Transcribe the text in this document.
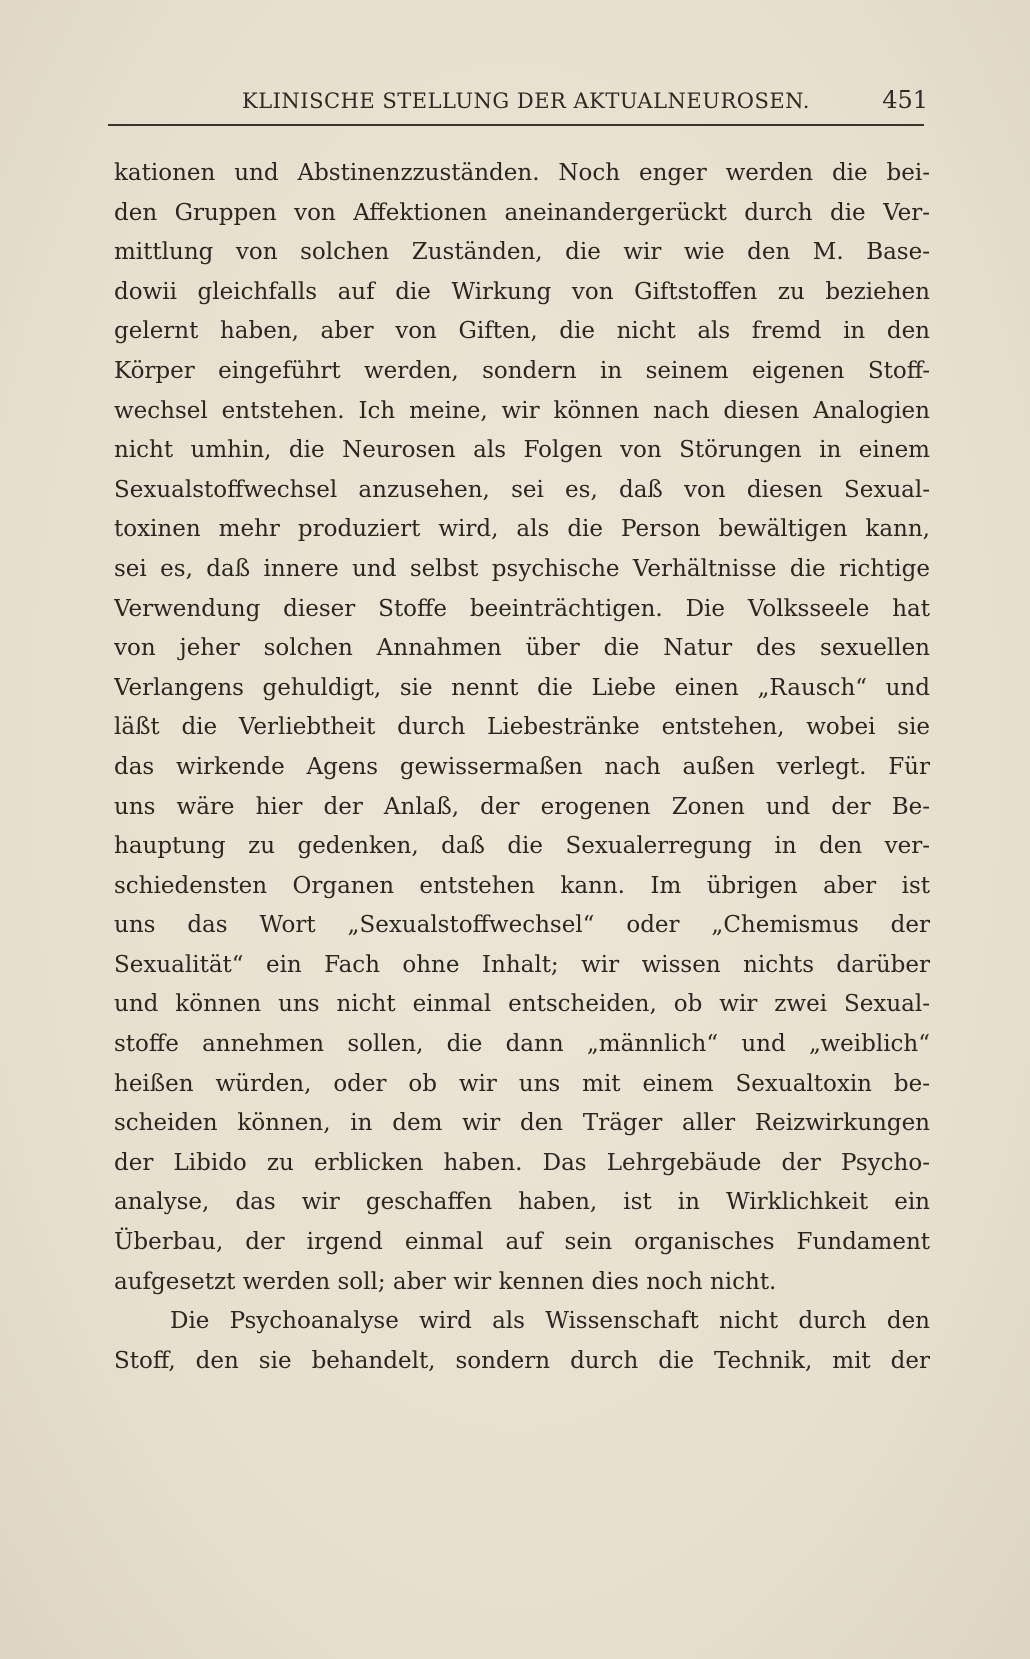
KLINISCHE STELLUNG DER AKTUALNEUROSEN.	451
kationen und Abstinenzzuständen. Noch enger werden die bei-
den Gruppen von Affektionen aneinandergerückt durch die Ver-
mittlung von solchen Zuständen, die wir wie den M. Base-
dowii gleichfalls auf die Wirkung von Giftstoffen zu beziehen
gelernt haben, aber von Giften, die nicht als fremd in den
Körper eingeführt werden, sondern in seinem eigenen Stoff-
wechsel entstehen. Ich meine, wir können nach diesen Analogien
nicht umhin, die Neurosen als Folgen von Störungen in einem
Sexualstoffwechsel anzusehen, sei es, daß von diesen Sexual-
toxinen mehr produziert wird, als die Person bewältigen kann,
sei es, daß innere und selbst psychische Verhältnisse die richtige
Verwendung dieser Stoffe beeinträchtigen. Die Volksseele hat
von jeher solchen Annahmen über die Natur des sexuellen
Verlangens gehuldigt, sie nennt die Liebe einen „Rausch“ und
läßt die Verliebtheit durch Liebestränke entstehen, wobei sie
das wirkende Agens gewissermaßen nach außen verlegt. Für
uns wäre hier der Anlaß, der erogenen Zonen und der Be-
hauptung zu gedenken, daß die Sexualerregung in den ver-
schiedensten Organen entstehen kann. Im übrigen aber ist
uns das Wort „Sexualstoffwechsel“ oder „Chemismus der
Sexualität“ ein Fach ohne Inhalt; wir wissen nichts darüber
und können uns nicht einmal entscheiden, ob wir zwei Sexual-
stoffe annehmen sollen, die dann „männlich“ und „weiblich“
heißen würden, oder ob wir uns mit einem Sexualtoxin be-
scheiden können, in dem wir den Träger aller Reizwirkungen
der Libido zu erblicken haben. Das Lehrgebäude der Psycho-
analyse, das wir geschaffen haben, ist in Wirklichkeit ein
Überbau, der irgend einmal auf sein organisches Fundament
aufgesetzt werden soll; aber wir kennen dies noch nicht.
Die Psychoanalyse wird als Wissenschaft nicht durch den
Stoff, den sie behandelt, sondern durch die Technik, mit der
